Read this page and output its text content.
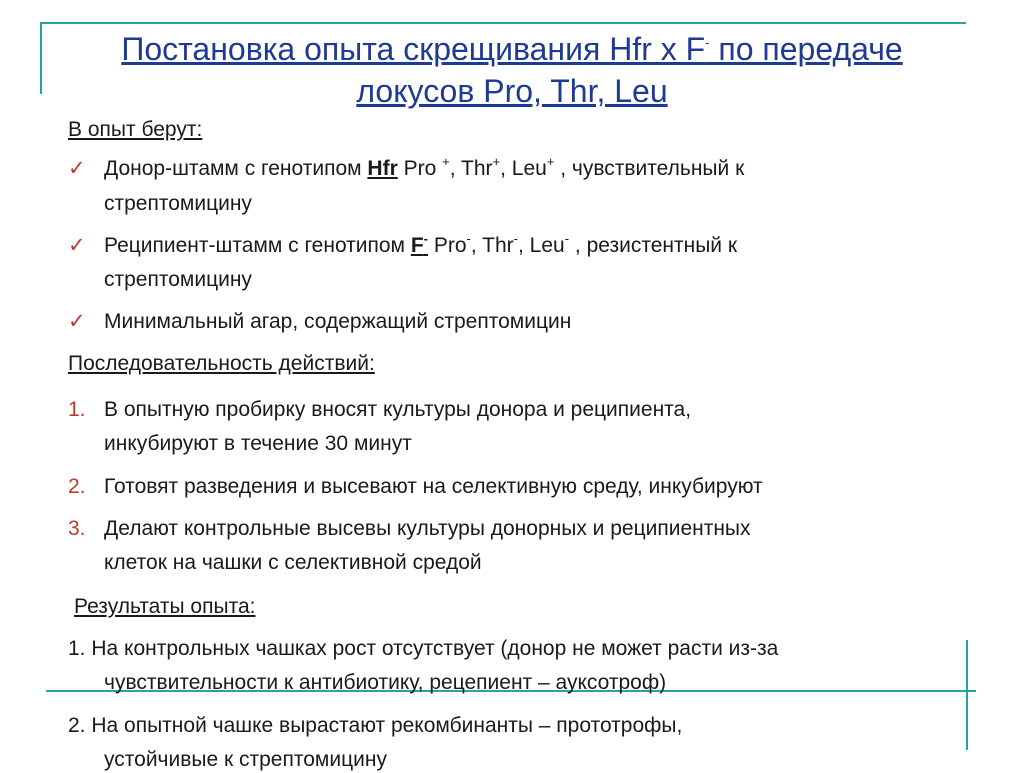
Постановка опыта скрещивания Hfr x F- по передаче
локусов Pro, Thr, Leu
В опыт берут:
✓ Донор-штамм с генотипом Hfr Pro +, Thr+, Leu+ , чувствительный к
стрептомицину
✓ Реципиент-штамм с генотипом F- Pro-, Thr-, Leu- , резистентный к
стрептомицину
✓ Минимальный агар, содержащий стрептомицин
Последовательность действий:
1. В опытную пробирку вносят культуры донора и реципиента,
инкубируют в течение 30 минут
2. Готовят разведения и высевают на селективную среду, инкубируют
3. Делают контрольные высевы культуры донорных и реципиентных
клеток на чашки с селективной средой
Результаты опыта:
1. На контрольных чашках рост отсутствует (донор не может расти из-за
чувствительности к антибиотику, рецепиент – ауксотроф)
2. На опытной чашке вырастают рекомбинанты – прототрофы,
устойчивые к стрептомицину
